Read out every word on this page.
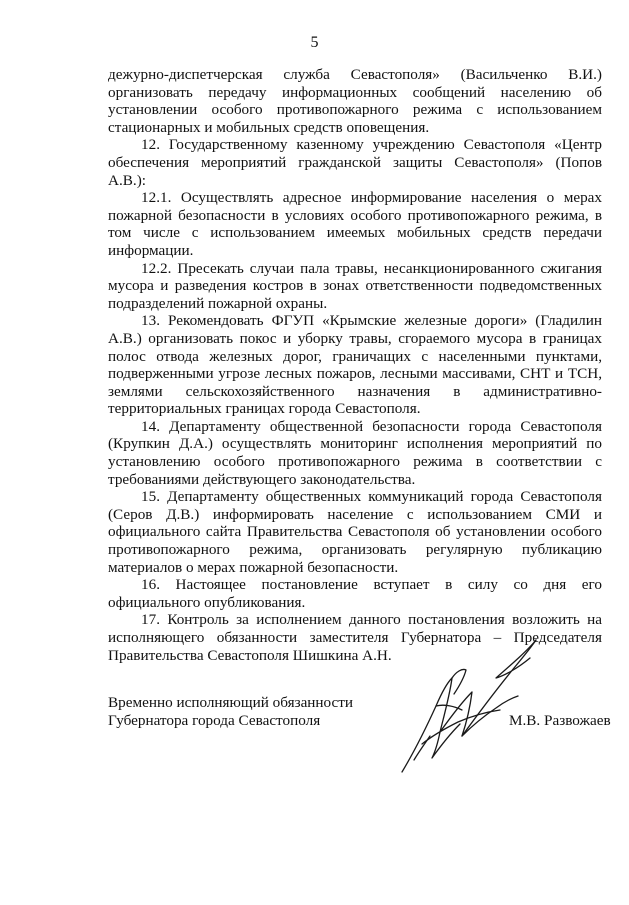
5

дежурно-диспетчерская служба Севастополя» (Васильченко В.И.) организовать передачу информационных сообщений населению об установлении особого противопожарного режима с использованием стационарных и мобильных средств оповещения.

12. Государственному казенному учреждению Севастополя «Центр обеспечения мероприятий гражданской защиты Севастополя» (Попов А.В.):

12.1. Осуществлять адресное информирование населения о мерах пожарной безопасности в условиях особого противопожарного режима, в том числе с использованием имеемых мобильных средств передачи информации.

12.2. Пресекать случаи пала травы, несанкционированного сжигания мусора и разведения костров в зонах ответственности подведомственных подразделений пожарной охраны.

13. Рекомендовать ФГУП «Крымские железные дороги» (Гладилин А.В.) организовать покос и уборку травы, сгораемого мусора в границах полос отвода железных дорог, граничащих с населенными пунктами, подверженными угрозе лесных пожаров, лесными массивами, СНТ и ТСН, землями сельскохозяйственного назначения в административно-территориальных границах города Севастополя.

14. Департаменту общественной безопасности города Севастополя (Крупкин Д.А.) осуществлять мониторинг исполнения мероприятий по установлению особого противопожарного режима в соответствии с требованиями действующего законодательства.

15. Департаменту общественных коммуникаций города Севастополя (Серов Д.В.) информировать население с использованием СМИ и официального сайта Правительства Севастополя об установлении особого противопожарного режима, организовать регулярную публикацию материалов о мерах пожарной безопасности.

16. Настоящее постановление вступает в силу со дня его официального опубликования.

17. Контроль за исполнением данного постановления возложить на исполняющего обязанности заместителя Губернатора – Председателя Правительства Севастополя Шишкина А.Н.

Временно исполняющий обязанности
Губернатора города Севастополя	М.В. Развожаев
